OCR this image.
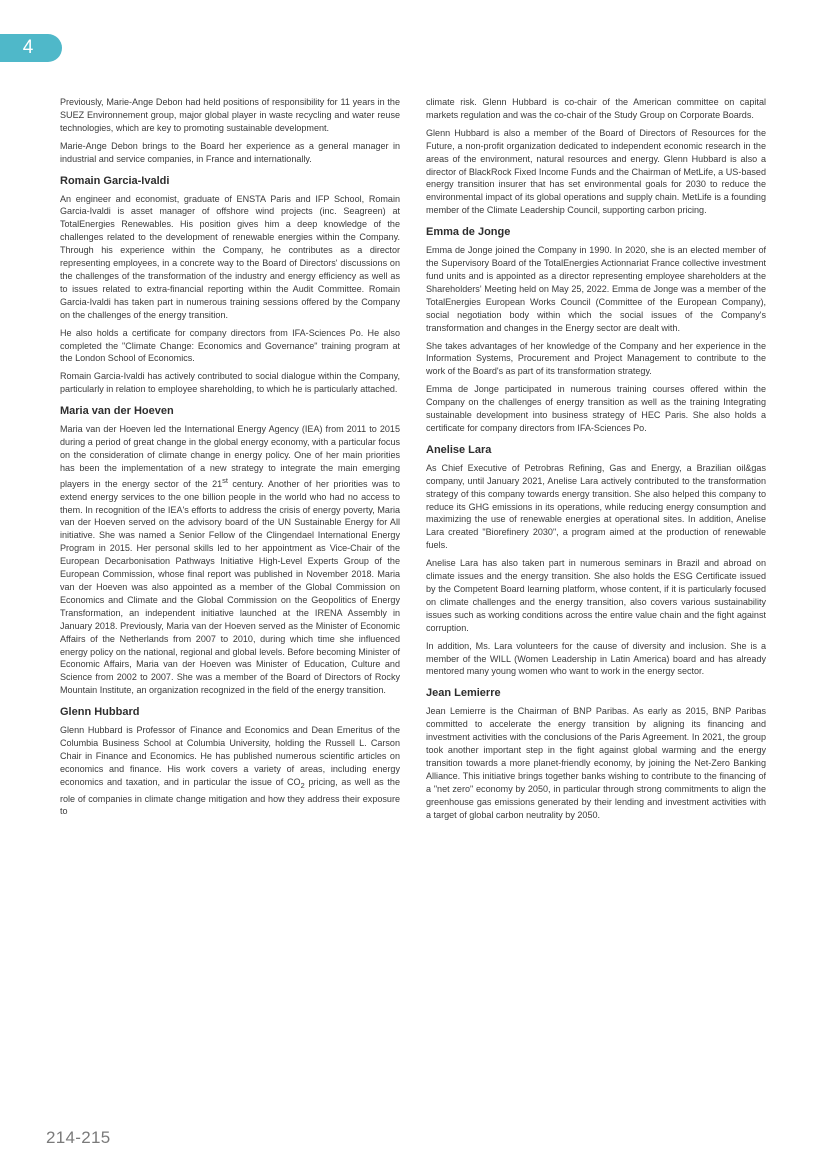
4

Previously, Marie-Ange Debon had held positions of responsibility for 11 years in the SUEZ Environnement group, major global player in waste recycling and water reuse technologies, which are key to promoting sustainable development.

Marie-Ange Debon brings to the Board her experience as a general manager in industrial and service companies, in France and internationally.

Romain Garcia-Ivaldi

An engineer and economist, graduate of ENSTA Paris and IFP School, Romain Garcia-Ivaldi is asset manager of offshore wind projects (inc. Seagreen) at TotalEnergies Renewables. His position gives him a deep knowledge of the challenges related to the development of renewable energies within the Company. Through his experience within the Company, he contributes as a director representing employees, in a concrete way to the Board of Directors' discussions on the challenges of the transformation of the industry and energy efficiency as well as to issues related to extra-financial reporting within the Audit Committee. Romain Garcia-Ivaldi has taken part in numerous training sessions offered by the Company on the challenges of the energy transition.

He also holds a certificate for company directors from IFA-Sciences Po. He also completed the "Climate Change: Economics and Governance" training program at the London School of Economics.

Romain Garcia-Ivaldi has actively contributed to social dialogue within the Company, particularly in relation to employee shareholding, to which he is particularly attached.

Maria van der Hoeven

Maria van der Hoeven led the International Energy Agency (IEA) from 2011 to 2015 during a period of great change in the global energy economy, with a particular focus on the consideration of climate change in energy policy. One of her main priorities has been the implementation of a new strategy to integrate the main emerging players in the energy sector of the 21st century. Another of her priorities was to extend energy services to the one billion people in the world who had no access to them. In recognition of the IEA's efforts to address the crisis of energy poverty, Maria van der Hoeven served on the advisory board of the UN Sustainable Energy for All initiative. She was named a Senior Fellow of the Clingendael International Energy Program in 2015. Her personal skills led to her appointment as Vice-Chair of the European Decarbonisation Pathways Initiative High-Level Experts Group of the European Commission, whose final report was published in November 2018. Maria van der Hoeven was also appointed as a member of the Global Commission on Economics and Climate and the Global Commission on the Geopolitics of Energy Transformation, an independent initiative launched at the IRENA Assembly in January 2018. Previously, Maria van der Hoeven served as the Minister of Economic Affairs of the Netherlands from 2007 to 2010, during which time she influenced energy policy on the national, regional and global levels. Before becoming Minister of Economic Affairs, Maria van der Hoeven was Minister of Education, Culture and Science from 2002 to 2007. She was a member of the Board of Directors of Rocky Mountain Institute, an organization recognized in the field of the energy transition.

Glenn Hubbard

Glenn Hubbard is Professor of Finance and Economics and Dean Emeritus of the Columbia Business School at Columbia University, holding the Russell L. Carson Chair in Finance and Economics. He has published numerous scientific articles on economics and finance. His work covers a variety of areas, including energy economics and taxation, and in particular the issue of $CO_2$ pricing, as well as the role of companies in climate change mitigation and how they address their exposure to

climate risk. Glenn Hubbard is co-chair of the American committee on capital markets regulation and was the co-chair of the Study Group on Corporate Boards.

Glenn Hubbard is also a member of the Board of Directors of Resources for the Future, a non-profit organization dedicated to independent economic research in the areas of the environment, natural resources and energy. Glenn Hubbard is also a director of BlackRock Fixed Income Funds and the Chairman of MetLife, a US-based energy transition insurer that has set environmental goals for 2030 to reduce the environmental impact of its global operations and supply chain. MetLife is a founding member of the Climate Leadership Council, supporting carbon pricing.

Emma de Jonge

Emma de Jonge joined the Company in 1990. In 2020, she is an elected member of the Supervisory Board of the TotalEnergies Actionnariat France collective investment fund units and is appointed as a director representing employee shareholders at the Shareholders' Meeting held on May 25, 2022. Emma de Jonge was a member of the TotalEnergies European Works Council (Committee of the European Company), social negotiation body within which the social issues of the Company's transformation and changes in the Energy sector are dealt with.

She takes advantages of her knowledge of the Company and her experience in the Information Systems, Procurement and Project Management to contribute to the work of the Board's as part of its transformation strategy.

Emma de Jonge participated in numerous training courses offered within the Company on the challenges of energy transition as well as the training Integrating sustainable development into business strategy of HEC Paris. She also holds a certificate for company directors from IFA-Sciences Po.

Anelise Lara

As Chief Executive of Petrobras Refining, Gas and Energy, a Brazilian oil&gas company, until January 2021, Anelise Lara actively contributed to the transformation strategy of this company towards energy transition. She also helped this company to reduce its GHG emissions in its operations, while reducing energy consumption and maximizing the use of renewable energies at operational sites. In addition, Anelise Lara created "Biorefinery 2030", a program aimed at the production of renewable fuels.

Anelise Lara has also taken part in numerous seminars in Brazil and abroad on climate issues and the energy transition. She also holds the ESG Certificate issued by the Competent Board learning platform, whose content, if it is particularly focused on climate challenges and the energy transition, also covers various sustainability issues such as working conditions across the entire value chain and the fight against corruption.

In addition, Ms. Lara volunteers for the cause of diversity and inclusion. She is a member of the WILL (Women Leadership in Latin America) board and has already mentored many young women who want to work in the energy sector.

Jean Lemierre

Jean Lemierre is the Chairman of BNP Paribas. As early as 2015, BNP Paribas committed to accelerate the energy transition by aligning its financing and investment activities with the conclusions of the Paris Agreement. In 2021, the group took another important step in the fight against global warming and the energy transition towards a more planet-friendly economy, by joining the Net-Zero Banking Alliance. This initiative brings together banks wishing to contribute to the financing of a "net zero" economy by 2050, in particular through strong commitments to align the greenhouse gas emissions generated by their lending and investment activities with a target of global carbon neutrality by 2050.

214-215
